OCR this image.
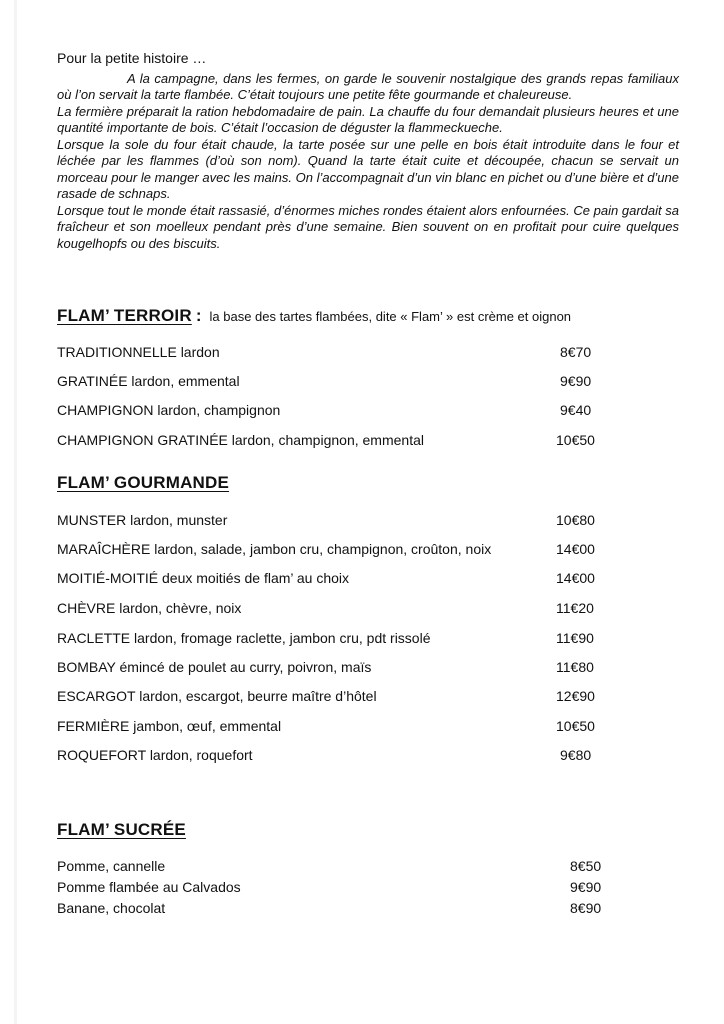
Pour la petite histoire …

A la campagne, dans les fermes, on garde le souvenir nostalgique des grands repas familiaux où l’on servait la tarte flambée. C’était toujours une petite fête gourmande et chaleureuse.

La fermière préparait la ration hebdomadaire de pain. La chauffe du four demandait plusieurs heures et une quantité importante de bois. C’était l’occasion de déguster la flammeckueche.

Lorsque la sole du four était chaude, la tarte posée sur une pelle en bois était introduite dans le four et léchée par les flammes (d’où son nom). Quand la tarte était cuite et découpée, chacun se servait un morceau pour le manger avec les mains. On l’accompagnait d’un vin blanc en pichet ou d’une bière et d’une rasade de schnaps.

Lorsque tout le monde était rassasié, d’énormes miches rondes étaient alors enfournées. Ce pain gardait sa fraîcheur et son moelleux pendant près d’une semaine. Bien souvent on en profitait pour cuire quelques kougelhopfs ou des biscuits.

FLAM’ TERROIR : la base des tartes flambées, dite « Flam’ » est crème et oignon
TRADITIONNELLE lardon	8€70
GRATINÉE lardon, emmental	9€90
CHAMPIGNON lardon, champignon	9€40
CHAMPIGNON GRATINÉE lardon, champignon, emmental	10€50
FLAM’ GOURMANDE
MUNSTER lardon, munster	10€80
MARAÎCHÈRE lardon, salade, jambon cru, champignon, croûton, noix	14€00
MOITIÉ-MOITIÉ deux moitiés de flam’ au choix	14€00
CHÈVRE lardon, chèvre, noix	11€20
RACLETTE lardon, fromage raclette, jambon cru, pdt rissolé	11€90
BOMBAY émincé de poulet au curry, poivron, maïs	11€80
ESCARGOT lardon, escargot, beurre maître d’hôtel	12€90
FERMIÈRE jambon, œuf, emmental	10€50
ROQUEFORT lardon, roquefort	9€80
FLAM’ SUCRÉE
Pomme, cannelle	8€50
Pomme flambée au Calvados	9€90
Banane, chocolat	8€90
